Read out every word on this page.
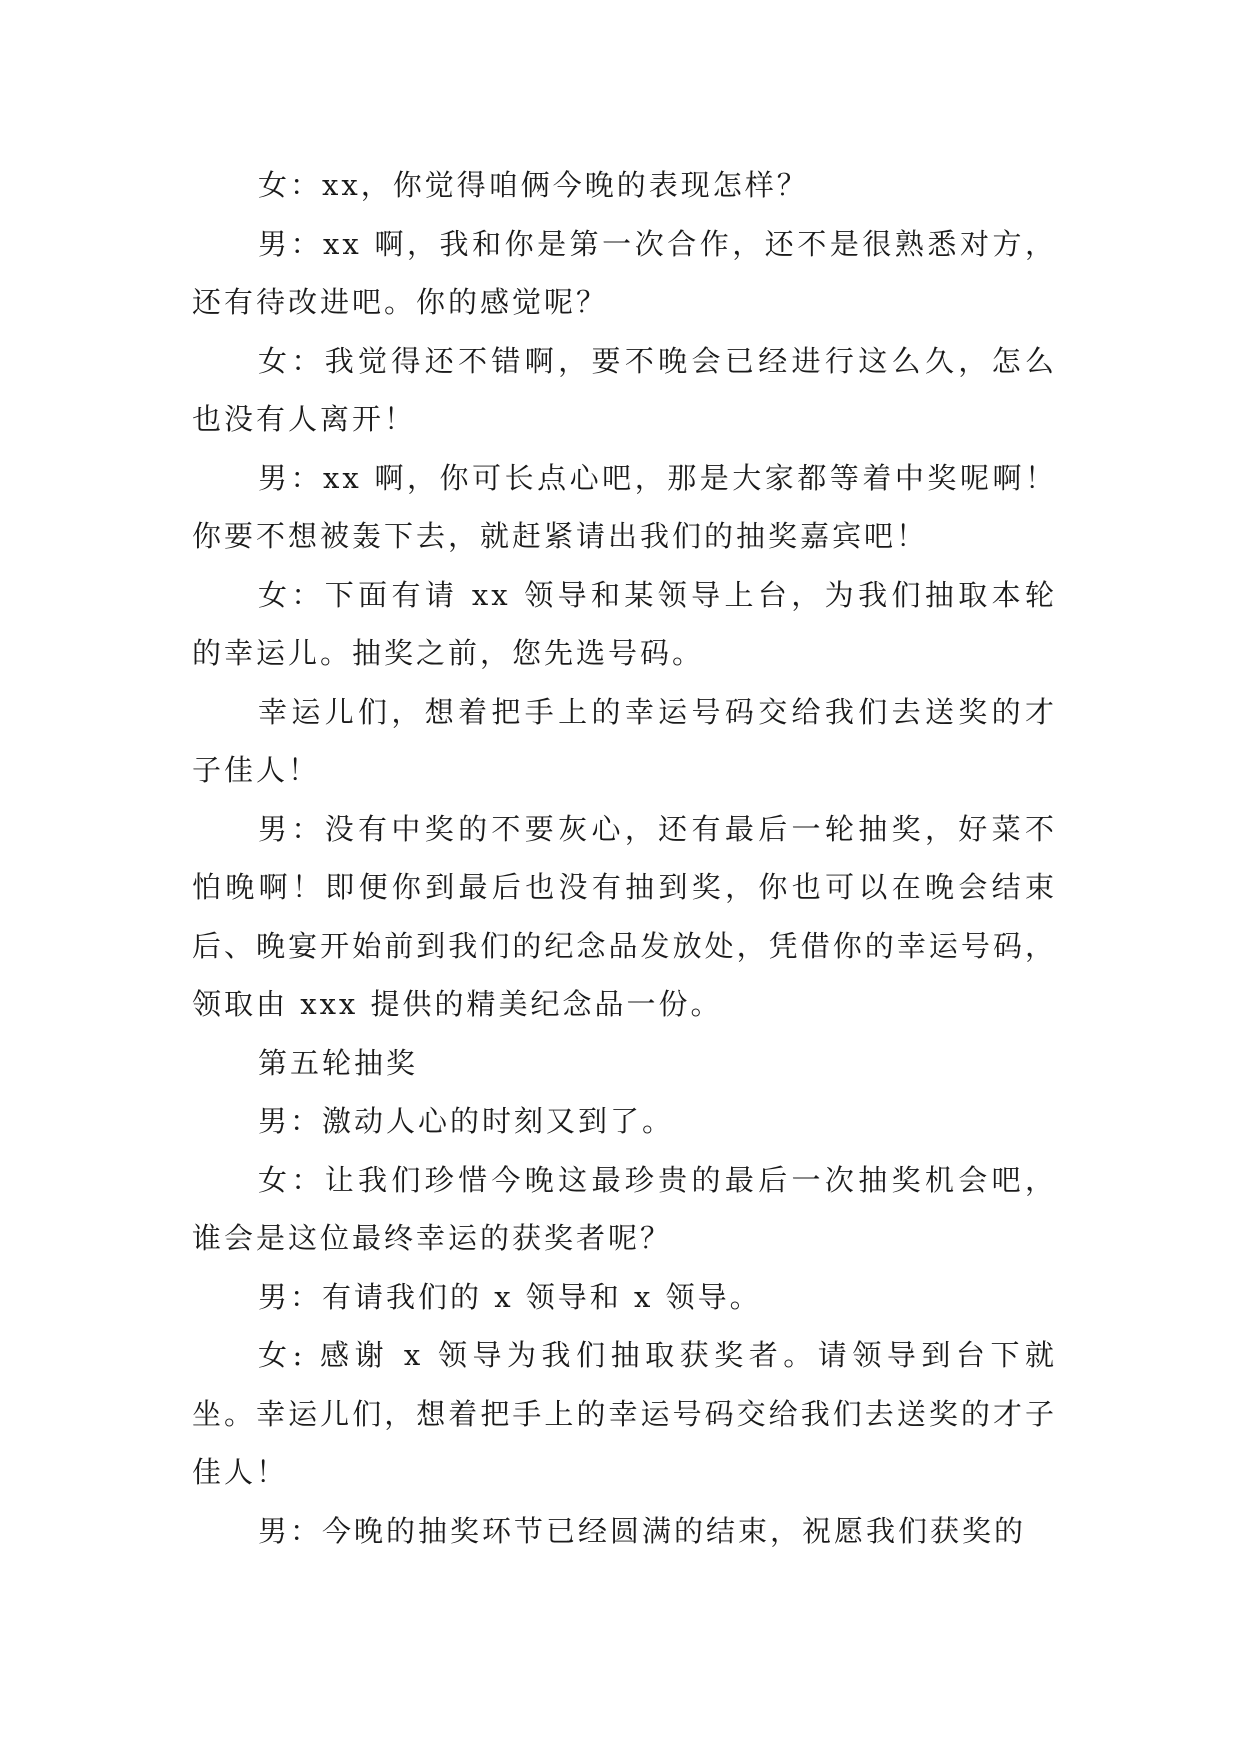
女：xx，你觉得咱俩今晚的表现怎样？

男：xx 啊，我和你是第一次合作，还不是很熟悉对方，还有待改进吧。你的感觉呢？

女：我觉得还不错啊，要不晚会已经进行这么久，怎么也没有人离开！

男：xx 啊，你可长点心吧，那是大家都等着中奖呢啊！你要不想被轰下去，就赶紧请出我们的抽奖嘉宾吧！

女：下面有请 xx 领导和某领导上台，为我们抽取本轮的幸运儿。抽奖之前，您先选号码。

幸运儿们，想着把手上的幸运号码交给我们去送奖的才子佳人！

男：没有中奖的不要灰心，还有最后一轮抽奖，好菜不怕晚啊！即便你到最后也没有抽到奖，你也可以在晚会结束后、晚宴开始前到我们的纪念品发放处，凭借你的幸运号码，领取由 xxx 提供的精美纪念品一份。

第五轮抽奖

男：激动人心的时刻又到了。

女：让我们珍惜今晚这最珍贵的最后一次抽奖机会吧，谁会是这位最终幸运的获奖者呢？

男：有请我们的 x 领导和 x 领导。

女: 感谢 x 领导为我们抽取获奖者。请领导到台下就坐。幸运儿们，想着把手上的幸运号码交给我们去送奖的才子佳人！

男：今晚的抽奖环节已经圆满的结束，祝愿我们获奖的
